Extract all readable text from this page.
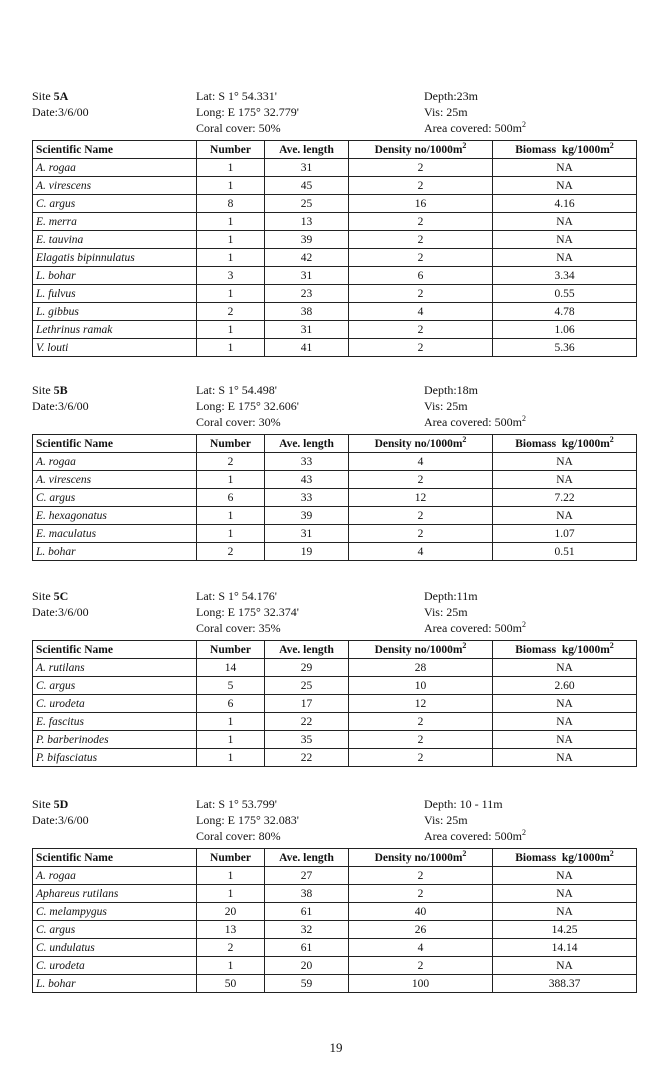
Site 5A
Date:3/6/00
Lat: S 1° 54.331'
Long: E 175° 32.779'
Coral cover: 50%
Depth:23m
Vis: 25m
Area covered: $500m^2$
Scientific Name	Number	Ave. length	Density $no/1000m^2$	Biomass  $kg/1000m^2$
A. rogaa	1	31	2	NA
A. virescens	1	45	2	NA
C. argus	8	25	16	4.16
E. merra	1	13	2	NA
E. tauvina	1	39	2	NA
Elagatis bipinnulatus	1	42	2	NA
L. bohar	3	31	6	3.34
L. fulvus	1	23	2	0.55
L. gibbus	2	38	4	4.78
Lethrinus ramak	1	31	2	1.06
V. louti	1	41	2	5.36
Site 5B
Date:3/6/00
Lat: S 1° 54.498'
Long: E 175° 32.606'
Coral cover: 30%
Depth:18m
Vis: 25m
Area covered: $500m^2$
Scientific Name	Number	Ave. length	Density $no/1000m^2$	Biomass  $kg/1000m^2$
A. rogaa	2	33	4	NA
A. virescens	1	43	2	NA
C. argus	6	33	12	7.22
E. hexagonatus	1	39	2	NA
E. maculatus	1	31	2	1.07
L. bohar	2	19	4	0.51
Site 5C
Date:3/6/00
Lat: S 1° 54.176'
Long: E 175° 32.374'
Coral cover: 35%
Depth:11m
Vis: 25m
Area covered: $500m^2$
Scientific Name	Number	Ave. length	Density $no/1000m^2$	Biomass  $kg/1000m^2$
A. rutilans	14	29	28	NA
C. argus	5	25	10	2.60
C. urodeta	6	17	12	NA
E. fascitus	1	22	2	NA
P. barberinodes	1	35	2	NA
P. bifasciatus	1	22	2	NA
Site 5D
Date:3/6/00
Lat: S 1° 53.799'
Long: E 175° 32.083'
Coral cover: 80%
Depth: 10 - 11m
Vis: 25m
Area covered: $500m^2$
Scientific Name	Number	Ave. length	Density $no/1000m^2$	Biomass  $kg/1000m^2$
A. rogaa	1	27	2	NA
Aphareus rutilans	1	38	2	NA
C. melampygus	20	61	40	NA
C. argus	13	32	26	14.25
C. undulatus	2	61	4	14.14
C. urodeta	1	20	2	NA
L. bohar	50	59	100	388.37
19
